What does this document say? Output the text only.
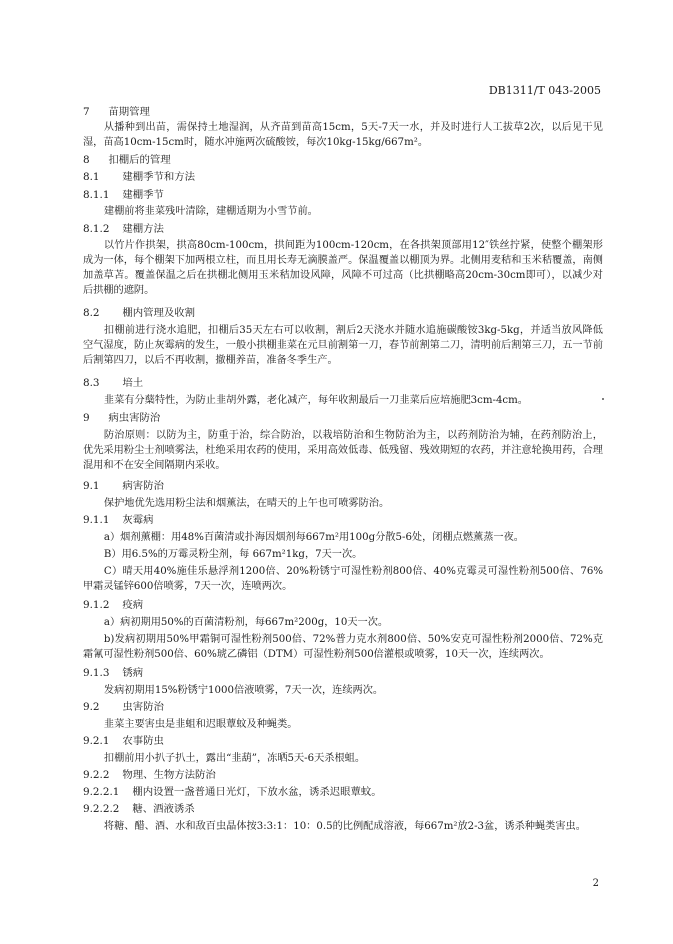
DB1311/T 043-2005
7 苗期管理
从播种到出苗，需保持土地湿润，从齐苗到苗高15cm，5天-7天一水，并及时进行人工拔草2次，以后见干见湿，苗高10cm-15cm时，随水冲施两次硫酸铵，每次10kg-15kg/667m²。
8 扣棚后的管理
8.1 建棚季节和方法
8.1.1 建棚季节
建棚前将韭菜残叶清除，建棚适期为小雪节前。
8.1.2 建棚方法
以竹片作拱架，拱高80cm-100cm，拱间距为100cm-120cm，在各拱架顶部用12″铁丝拧紧，使整个棚架形成为一体，每个棚架下加两根立柱，而且用长寿无滴膜盖严。保温覆盖以棚顶为界。北侧用麦秸和玉米秸覆盖，南侧加盖草苫。覆盖保温之后在拱棚北侧用玉米秸加设风障，风障不可过高（比拱棚略高20cm-30cm即可），以减少对后拱棚的遮阴。
8.2 棚内管理及收割
扣棚前进行浇水追肥，扣棚后35天左右可以收割，割后2天浇水并随水追施碳酸铵3kg-5kg，并适当放风降低空气湿度，防止灰霉病的发生，一般小拱棚韭菜在元旦前割第一刀，春节前割第二刀，清明前后割第三刀，五一节前后割第四刀，以后不再收割，撤棚养苗，准备冬季生产。
8.3 培土
韭菜有分蘖特性，为防止韭胡外露，老化减产，每年收割最后一刀韭菜后应培施肥3cm-4cm。
9 病虫害防治
防治原则：以防为主，防重于治，综合防治，以栽培防治和生物防治为主，以药剂防治为辅，在药剂防治上，优先采用粉尘士剂喷雾法，杜绝采用农药的使用，采用高效低毒、低残留、残效期短的农药，并注意轮换用药，合理混用和不在安全间隔期内采收。
9.1 病害防治
保护地优先选用粉尘法和烟薰法，在晴天的上午也可喷雾防治。
9.1.1 灰霉病
a）烟剂薰棚：用48%百菌清或扑海因烟剂每667m²用100g分散5-6处，闭棚点燃薰蒸一夜。
B）用6.5%的万霉灵粉尘剂，每 667m²1kg，7天一次。
C）晴天用40%施佳乐悬浮剂1200倍、20%粉锈宁可湿性粉剂800倍、40%克霉灵可湿性粉剂500倍、76%甲霜灵锰锌600倍喷雾，7天一次，连喷两次。
9.1.2 疫病
a）病初期用50%的百菌清粉剂，每667m²200g，10天一次。
b)发病初期用50%甲霜铜可湿性粉剂500倍、72%普力克水剂800倍、50%安克可湿性粉剂2000倍、72%克霜氰可湿性粉剂500倍、60%琥乙磷铝（DTM）可湿性粉剂500倍灌根或喷雾，10天一次，连续两次。
9.1.3 锈病
发病初期用15%粉锈宁1000倍液喷雾，7天一次，连续两次。
9.2 虫害防治
韭菜主要害虫是韭蛆和迟眼蕈蚊及种蝇类。
9.2.1 农事防虫
扣棚前用小扒子扒土，露出“韭葫”，冻晒5天-6天杀根蛆。
9.2.2 物理、生物方法防治
9.2.2.1 棚内设置一盏普通日光灯，下放水盆，诱杀迟眼蕈蚊。
9.2.2.2 糖、酒液诱杀
将糖、醋、酒、水和敌百虫晶体按3:3:1：10：0.5的比例配成溶液，每667m²放2-3盆，诱杀种蝇类害虫。
2
